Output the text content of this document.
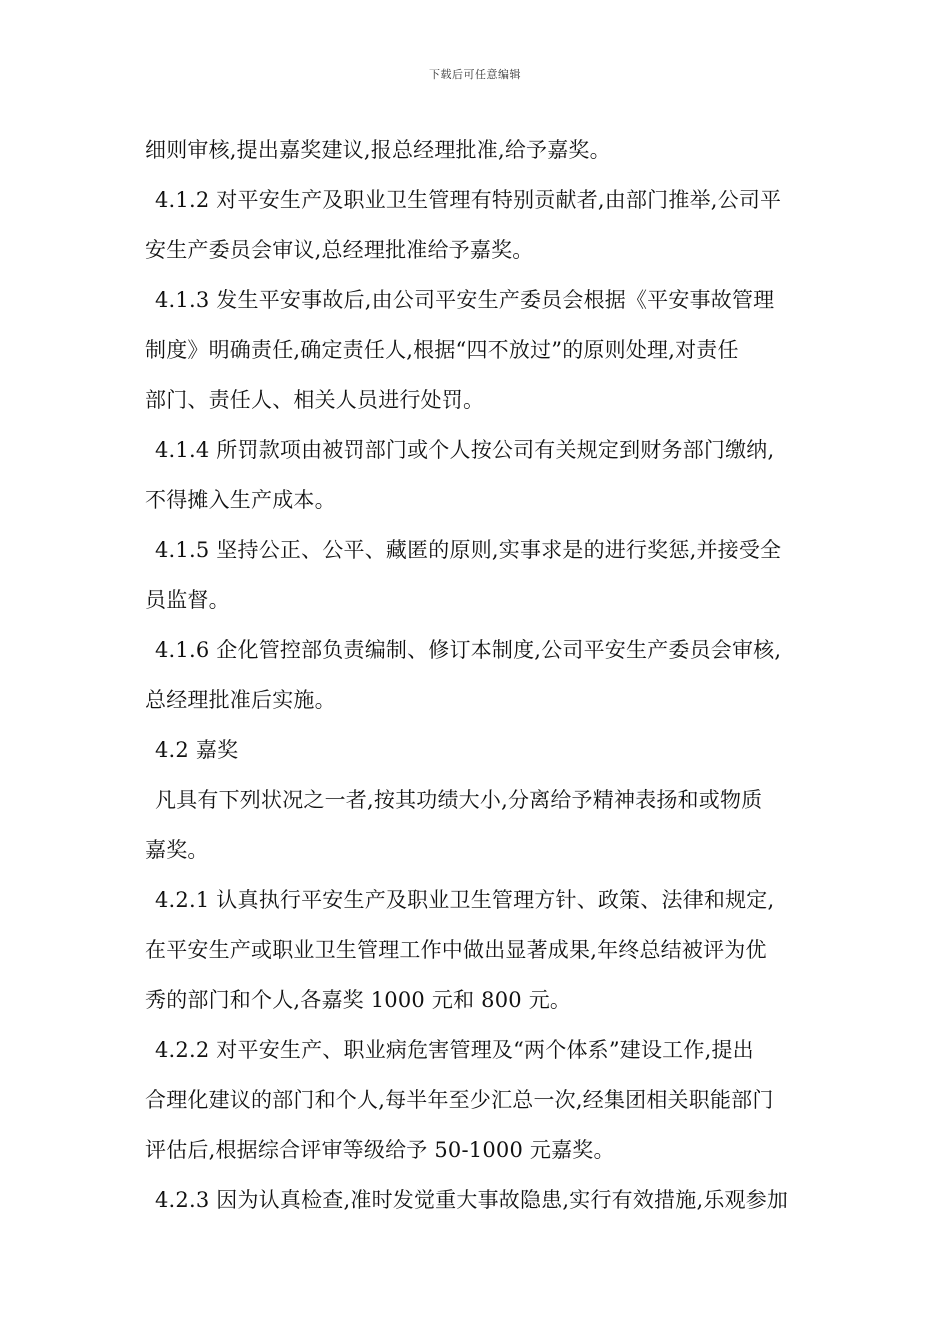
下载后可任意编辑
细则审核,提出嘉奖建议,报总经理批准,给予嘉奖。
4.1.2 对平安生产及职业卫生管理有特别贡献者,由部门推举,公司平
安生产委员会审议,总经理批准给予嘉奖。
4.1.3 发生平安事故后,由公司平安生产委员会根据《平安事故管理
制度》明确责任,确定责任人,根据“四不放过”的原则处理,对责任
部门、责任人、相关人员进行处罚。
4.1.4 所罚款项由被罚部门或个人按公司有关规定到财务部门缴纳,
不得摊入生产成本。
4.1.5 坚持公正、公平、藏匿的原则,实事求是的进行奖惩,并接受全
员监督。
4.1.6 企化管控部负责编制、修订本制度,公司平安生产委员会审核,
总经理批准后实施。
4.2 嘉奖
凡具有下列状况之一者,按其功绩大小,分离给予精神表扬和或物质
嘉奖。
4.2.1 认真执行平安生产及职业卫生管理方针、政策、法律和规定,
在平安生产或职业卫生管理工作中做出显著成果,年终总结被评为优
秀的部门和个人,各嘉奖 1000 元和 800 元。
4.2.2 对平安生产、职业病危害管理及“两个体系”建设工作,提出
合理化建议的部门和个人,每半年至少汇总一次,经集团相关职能部门
评估后,根据综合评审等级给予 50-1000 元嘉奖。
4.2.3 因为认真检查,准时发觉重大事故隐患,实行有效措施,乐观参加
